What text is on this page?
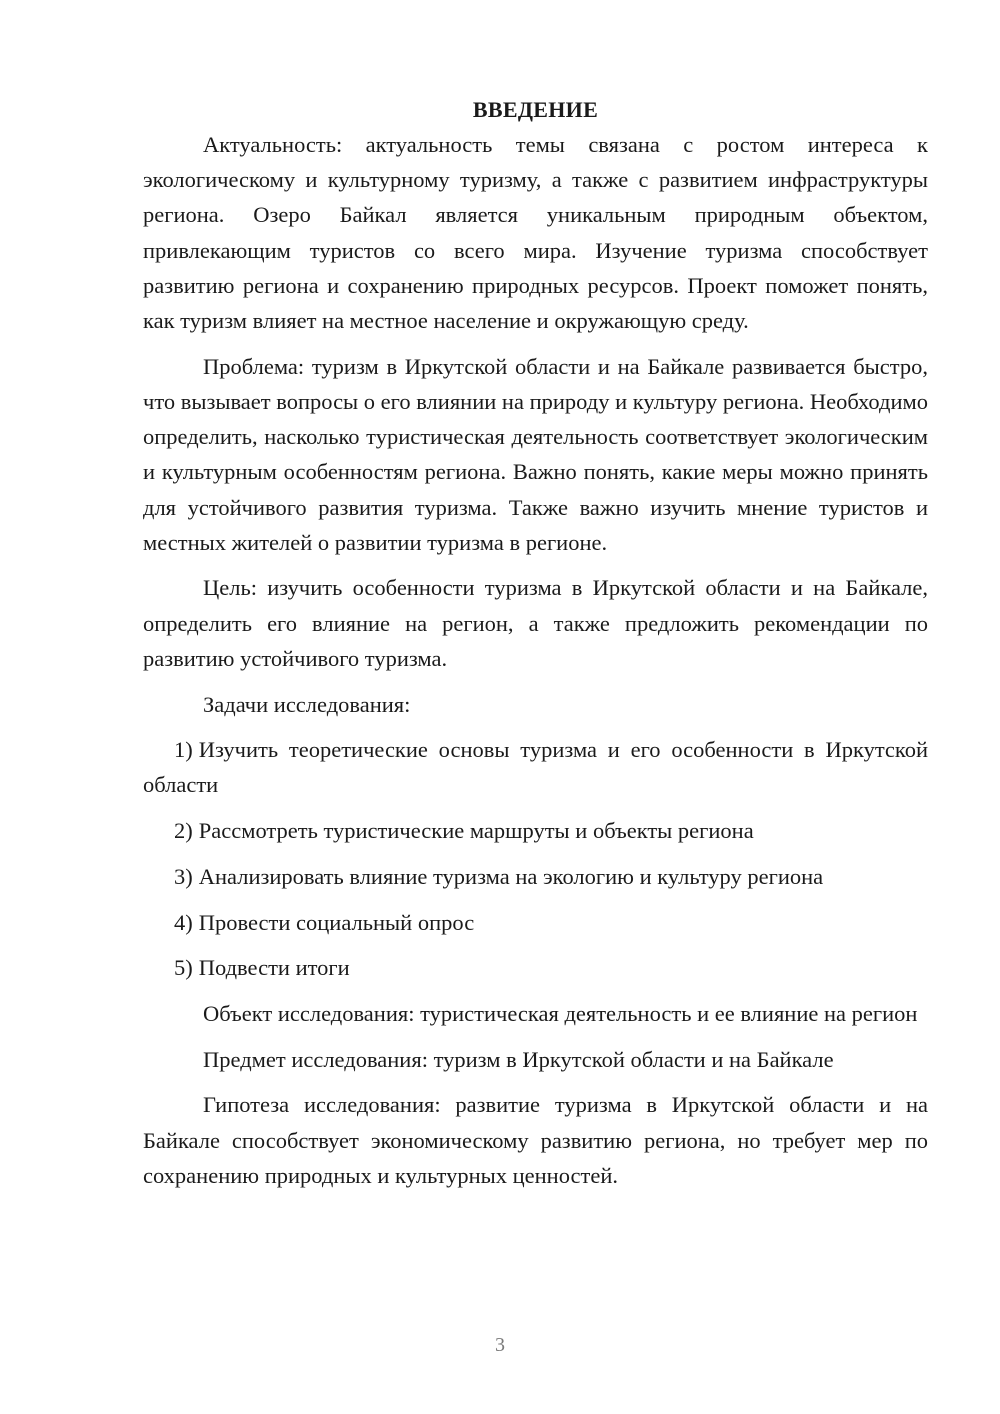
ВВЕДЕНИЕ

Актуальность: актуальность темы связана с ростом интереса к экологическому и культурному туризму, а также с развитием инфраструктуры региона. Озеро Байкал является уникальным природным объектом, привлекающим туристов со всего мира. Изучение туризма способствует развитию региона и сохранению природных ресурсов. Проект поможет понять, как туризм влияет на местное население и окружающую среду.

Проблема: туризм в Иркутской области и на Байкале развивается быстро, что вызывает вопросы о его влиянии на природу и культуру региона. Необходимо определить, насколько туристическая деятельность соответствует экологическим и культурным особенностям региона. Важно понять, какие меры можно принять для устойчивого развития туризма. Также важно изучить мнение туристов и местных жителей о развитии туризма в регионе.

Цель: изучить особенности туризма в Иркутской области и на Байкале, определить его влияние на регион, а также предложить рекомендации по развитию устойчивого туризма.

Задачи исследования:

1) Изучить теоретические основы туризма и его особенности в Иркутской области

2) Рассмотреть туристические маршруты и объекты региона

3) Анализировать влияние туризма на экологию и культуру региона

4) Провести социальный опрос

5) Подвести итоги

Объект исследования: туристическая деятельность и ее влияние на регион

Предмет исследования: туризм в Иркутской области и на Байкале

Гипотеза исследования: развитие туризма в Иркутской области и на Байкале способствует экономическому развитию региона, но требует мер по сохранению природных и культурных ценностей.

3
